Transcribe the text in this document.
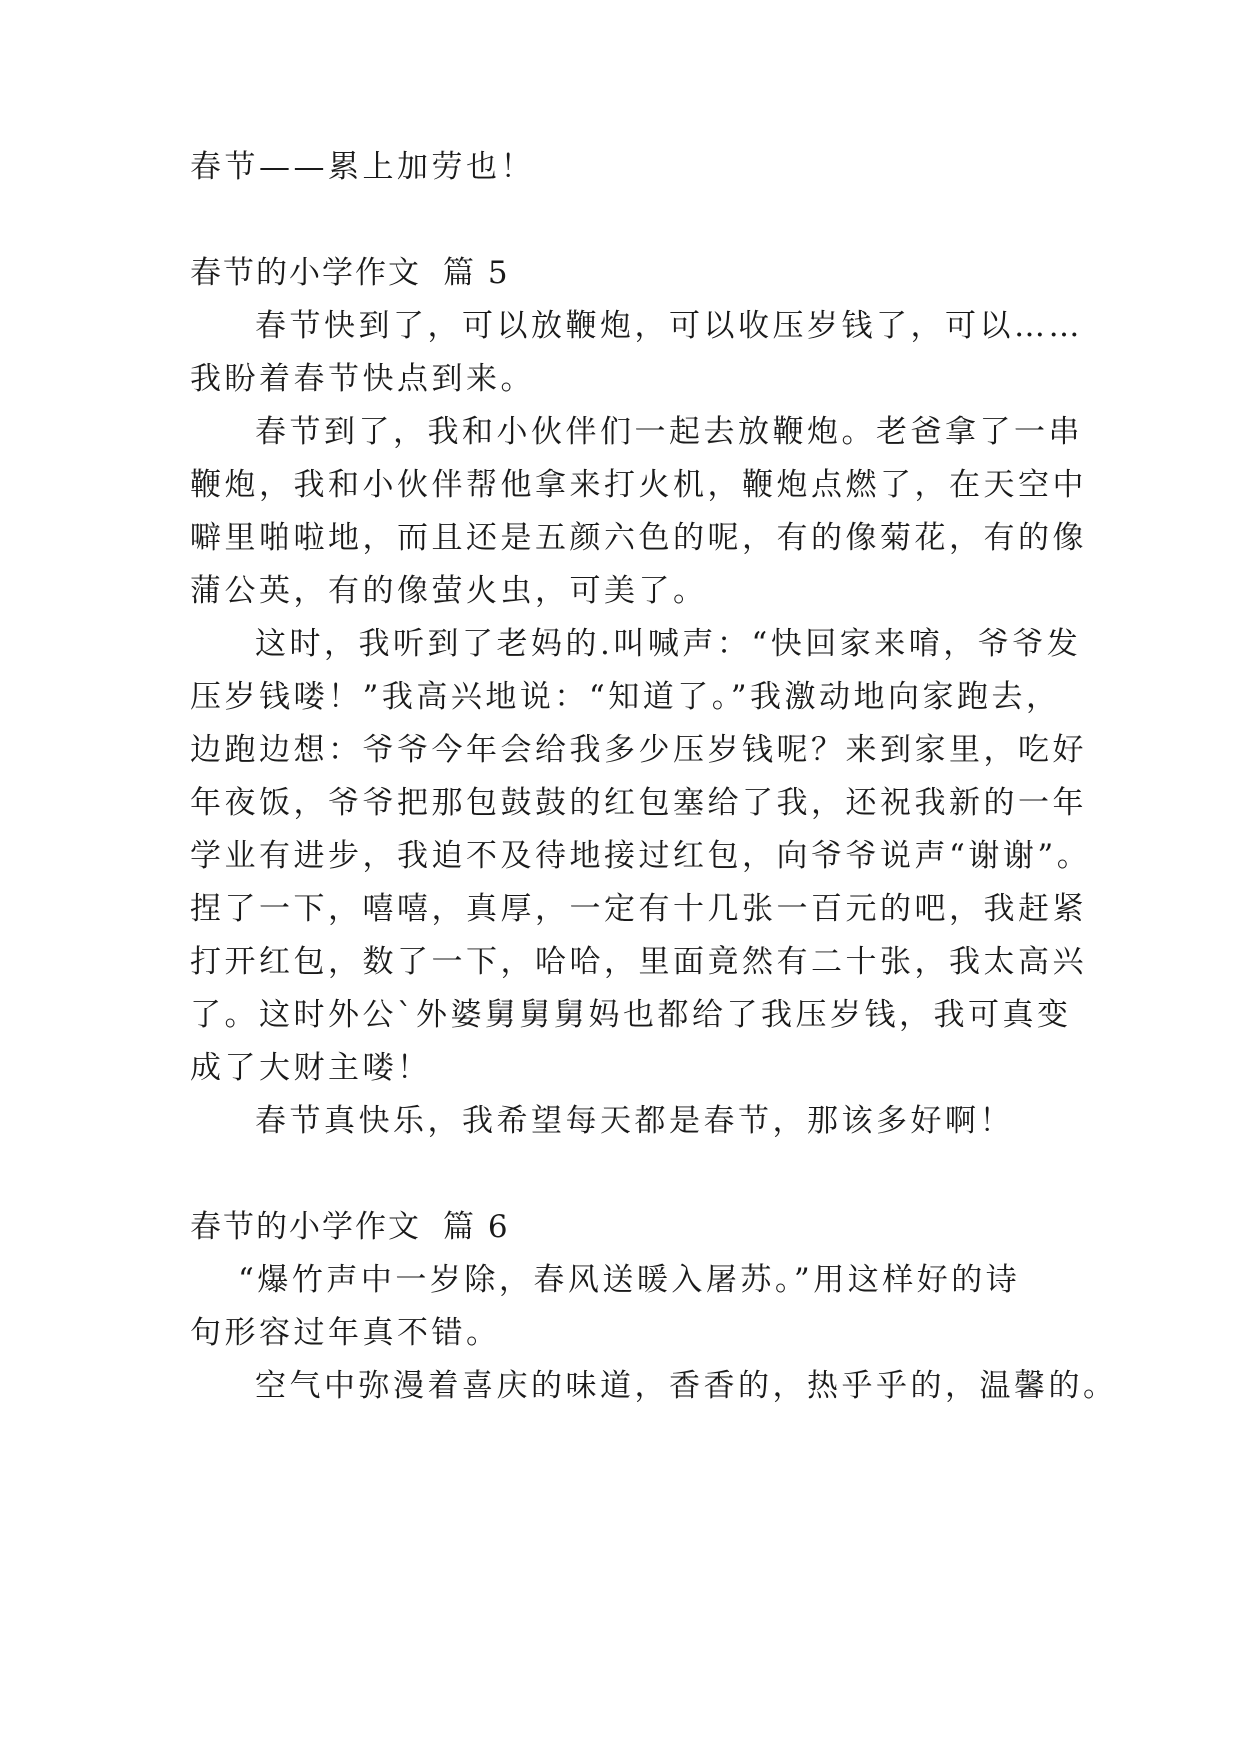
春节——累上加劳也！
春节的小学作文 篇 5
春节快到了，可以放鞭炮，可以收压岁钱了，可以……
我盼着春节快点到来。
春节到了，我和小伙伴们一起去放鞭炮。老爸拿了一串
鞭炮，我和小伙伴帮他拿来打火机，鞭炮点燃了，在天空中
噼里啪啦地，而且还是五颜六色的呢，有的像菊花，有的像
蒲公英，有的像萤火虫，可美了。
这时，我听到了老妈的.叫喊声：“快回家来唷，爷爷发
压岁钱喽！”我高兴地说：“知道了。”我激动地向家跑去，
边跑边想：爷爷今年会给我多少压岁钱呢？来到家里，吃好
年夜饭，爷爷把那包鼓鼓的红包塞给了我，还祝我新的一年
学业有进步，我迫不及待地接过红包，向爷爷说声“谢谢”。
捏了一下，嘻嘻，真厚，一定有十几张一百元的吧，我赶紧
打开红包，数了一下，哈哈，里面竟然有二十张，我太高兴
了。这时外公`外婆舅舅舅妈也都给了我压岁钱，我可真变
成了大财主喽！
春节真快乐，我希望每天都是春节，那该多好啊！
春节的小学作文 篇 6
“爆竹声中一岁除，春风送暖入屠苏。”用这样好的诗
句形容过年真不错。
空气中弥漫着喜庆的味道，香香的，热乎乎的，温馨的。
